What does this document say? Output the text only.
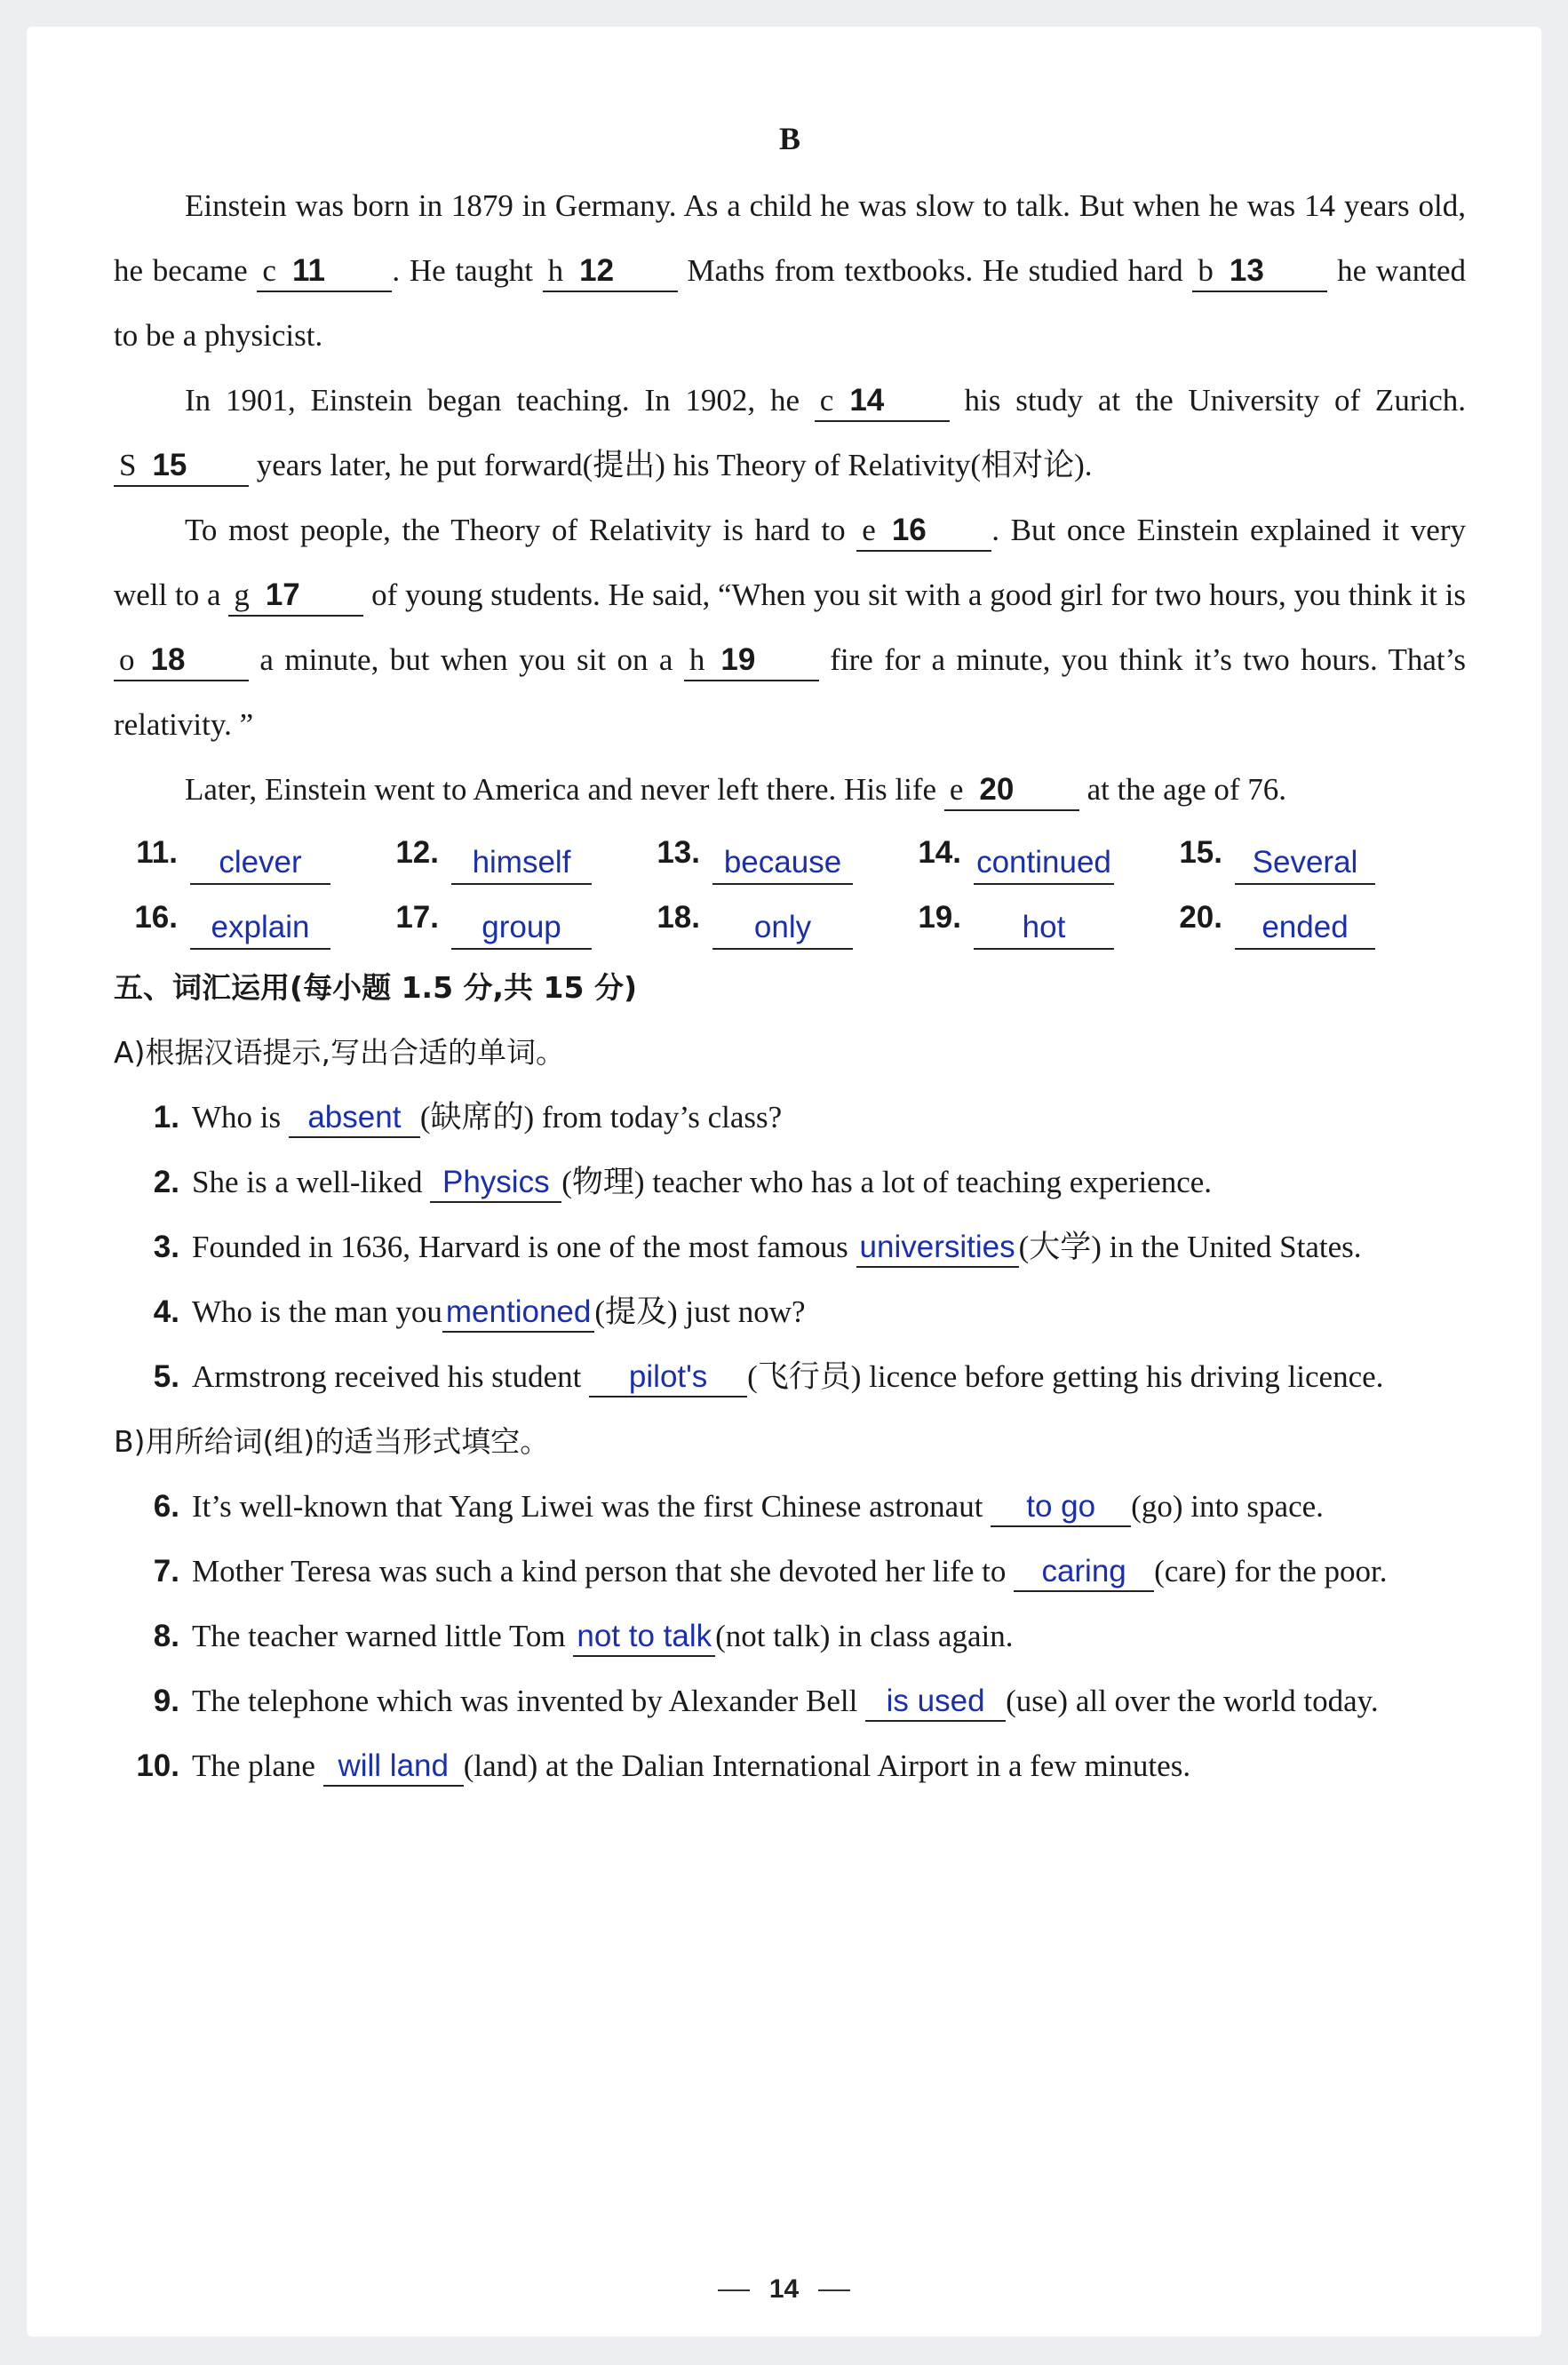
B

Einstein was born in 1879 in Germany. As a child he was slow to talk. But when he was 14 years old, he became c 11 . He taught h 12 Maths from textbooks. He studied hard b 13 he wanted to be a physicist.

In 1901, Einstein began teaching. In 1902, he c 14 his study at the University of Zurich. S 15 years later, he put forward(提出) his Theory of Relativity(相对论).

To most people, the Theory of Relativity is hard to e 16 . But once Einstein explained it very well to a g 17 of young students. He said, “When you sit with a good girl for two hours, you think it is o 18 a minute, but when you sit on a h 19 fire for a minute, you think it’s two hours. That’s relativity. ”

Later, Einstein went to America and never left there. His life e 20 at the age of 76.

11.	clever	12.	himself	13. because	14. continued	15. Several
16.	explain	17.	group	18.	only	19.	hot	20.	ended
五、词汇运用(每小题 1.5 分,共 15 分)
A)根据汉语提示,写出合适的单词。
1. Who is absent (缺席的) from today’s class?
2. She is a well-liked Physics (物理) teacher who has a lot of teaching experience.
3. Founded in 1636, Harvard is one of the most famous universities (大学) in the United States.
4. Who is the man you mentioned (提及) just now?
5. Armstrong received his student pilot's (飞行员) licence before getting his driving licence.
B)用所给词(组)的适当形式填空。
6. It’s well-known that Yang Liwei was the first Chinese astronaut to go (go) into space.
7. Mother Teresa was such a kind person that she devoted her life to caring (care) for the poor.
8. The teacher warned little Tom not to talk (not talk) in class again.
9. The telephone which was invented by Alexander Bell is used (use) all over the world today.
10. The plane will land (land) at the Dalian International Airport in a few minutes.
14
